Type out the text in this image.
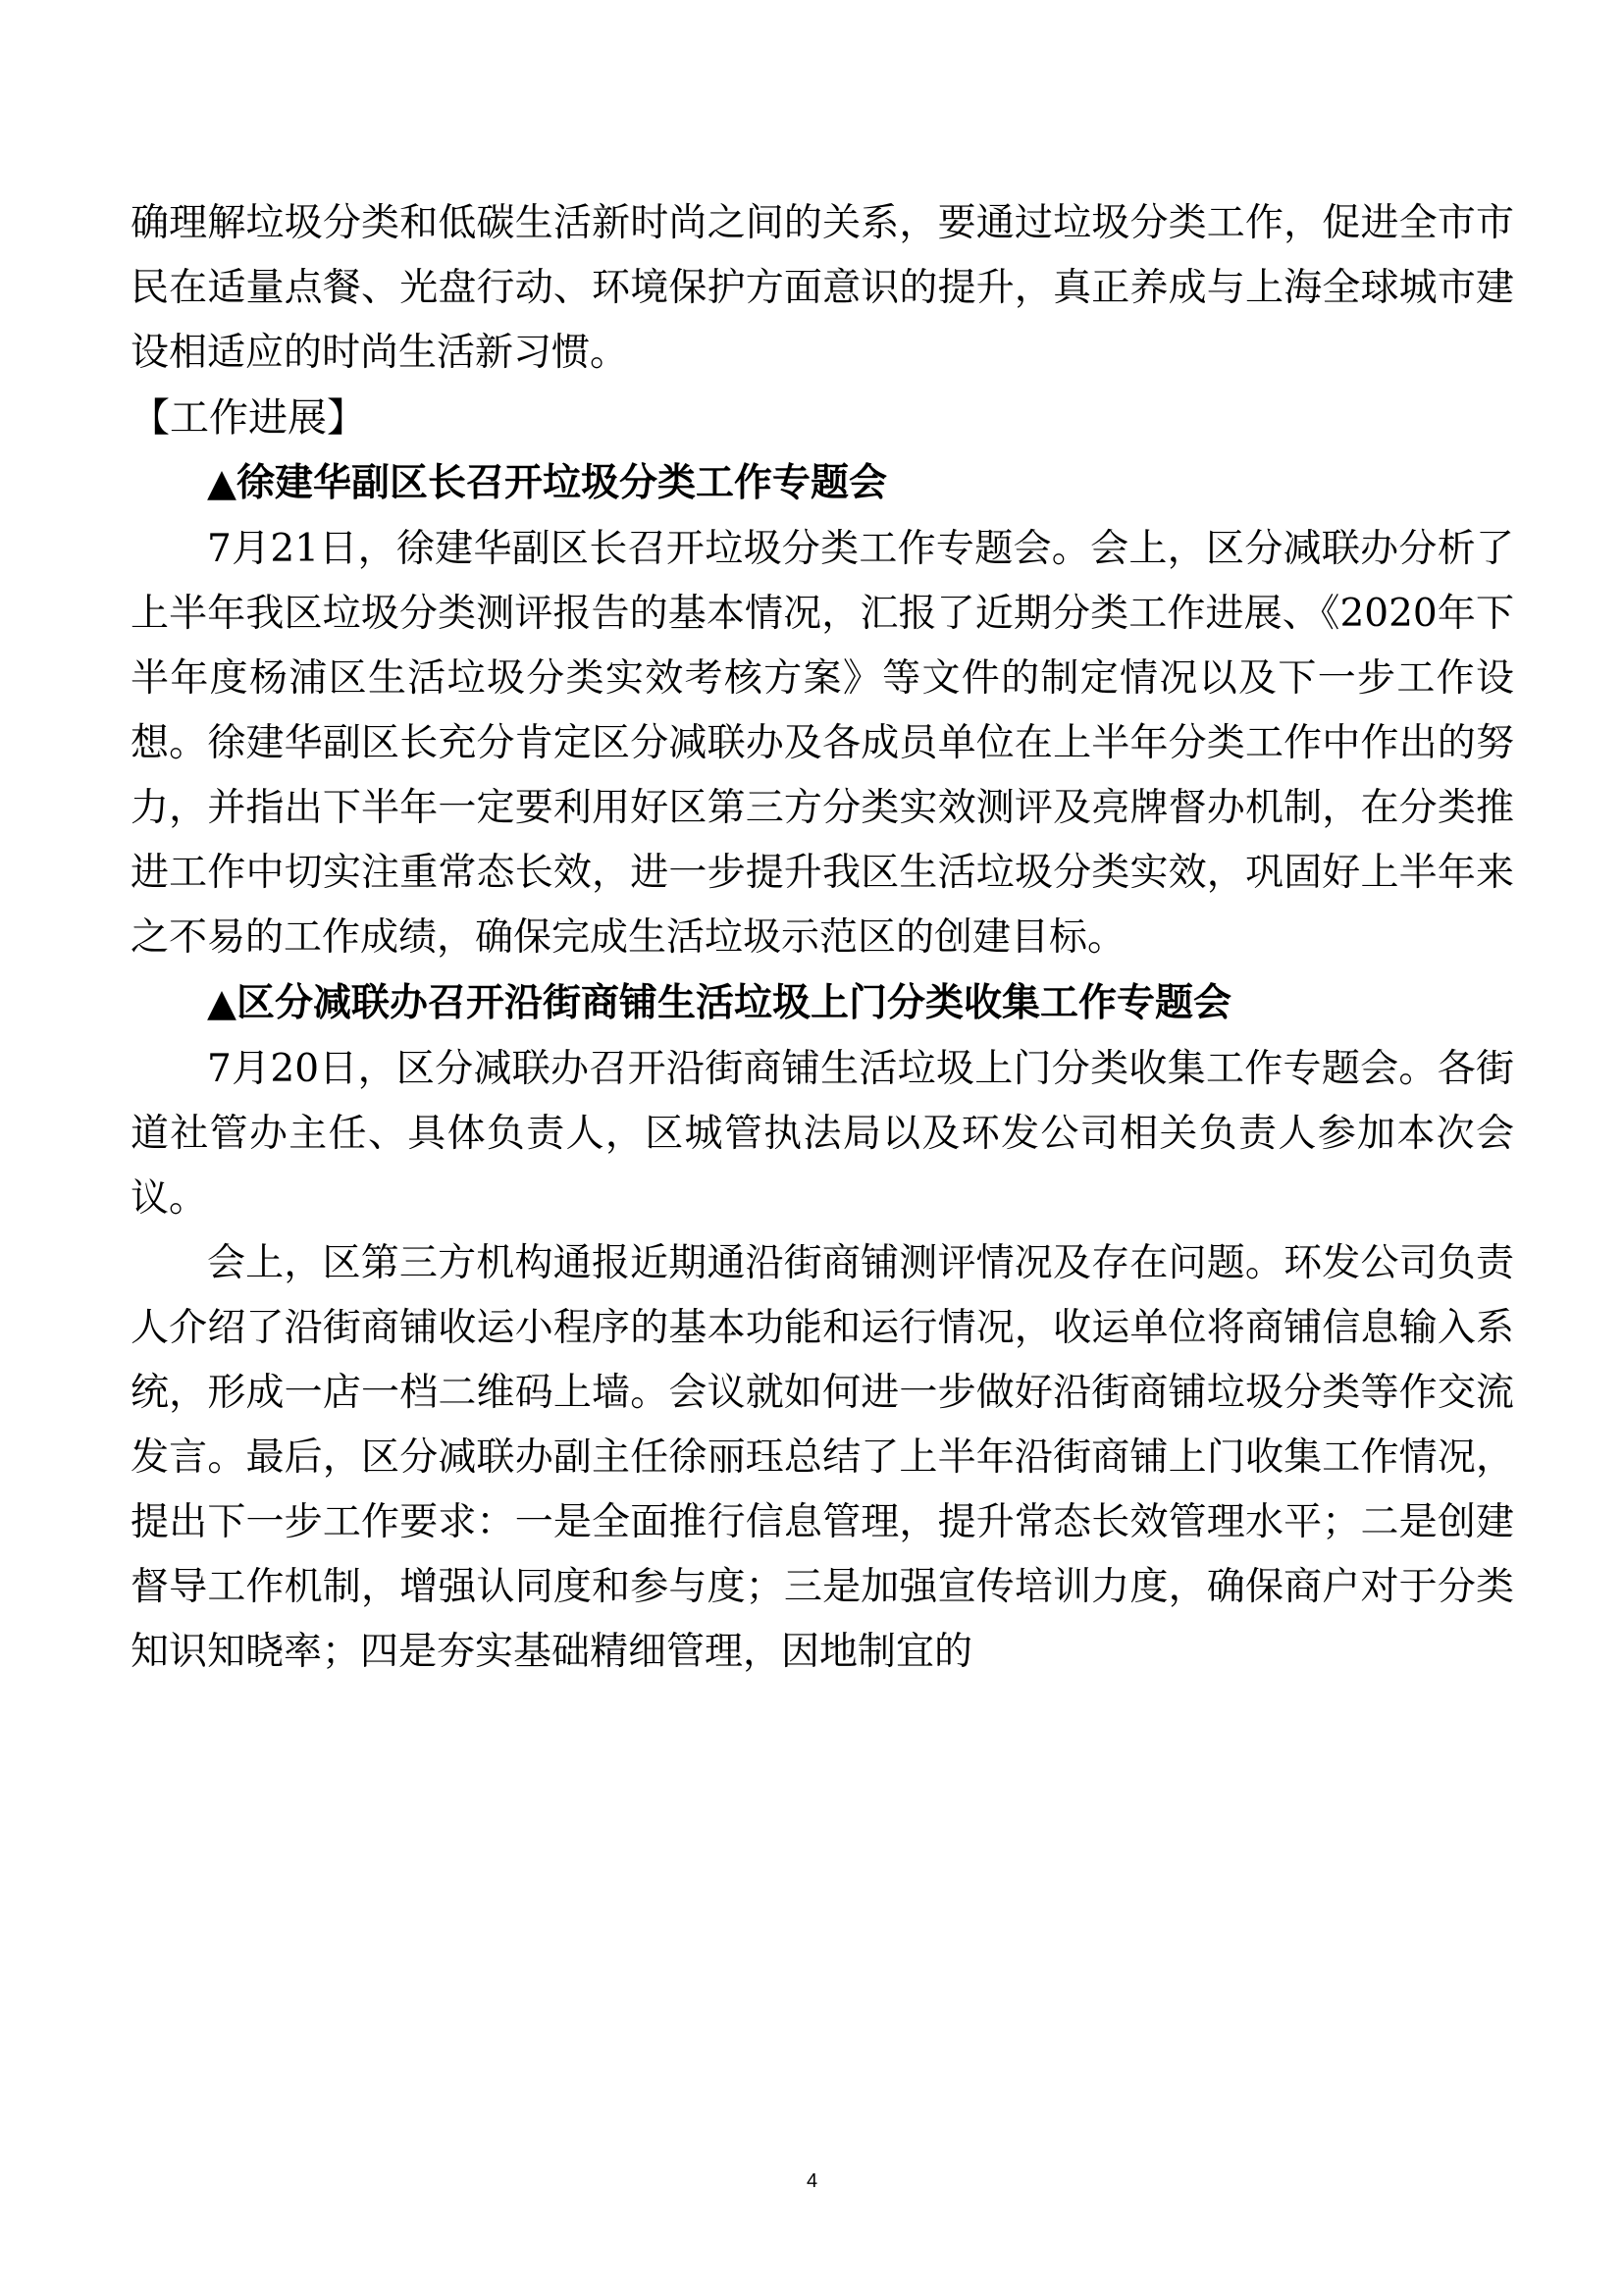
确理解垃圾分类和低碳生活新时尚之间的关系，要通过垃圾分类工作，促进全市市民在适量点餐、光盘行动、环境保护方面意识的提升，真正养成与上海全球城市建设相适应的时尚生活新习惯。

【工作进展】

▲徐建华副区长召开垃圾分类工作专题会

7月21日，徐建华副区长召开垃圾分类工作专题会。会上，区分减联办分析了上半年我区垃圾分类测评报告的基本情况，汇报了近期分类工作进展、《2020年下半年度杨浦区生活垃圾分类实效考核方案》等文件的制定情况以及下一步工作设想。徐建华副区长充分肯定区分减联办及各成员单位在上半年分类工作中作出的努力，并指出下半年一定要利用好区第三方分类实效测评及亮牌督办机制，在分类推进工作中切实注重常态长效，进一步提升我区生活垃圾分类实效，巩固好上半年来之不易的工作成绩，确保完成生活垃圾示范区的创建目标。

▲区分减联办召开沿街商铺生活垃圾上门分类收集工作专题会

7月20日，区分减联办召开沿街商铺生活垃圾上门分类收集工作专题会。各街道社管办主任、具体负责人，区城管执法局以及环发公司相关负责人参加本次会议。

会上，区第三方机构通报近期通沿街商铺测评情况及存在问题。环发公司负责人介绍了沿街商铺收运小程序的基本功能和运行情况，收运单位将商铺信息输入系统，形成一店一档二维码上墙。会议就如何进一步做好沿街商铺垃圾分类等作交流发言。最后，区分减联办副主任徐丽珏总结了上半年沿街商铺上门收集工作情况，提出下一步工作要求：一是全面推行信息管理，提升常态长效管理水平；二是创建督导工作机制，增强认同度和参与度；三是加强宣传培训力度，确保商户对于分类知识知晓率；四是夯实基础精细管理，因地制宜的

4
